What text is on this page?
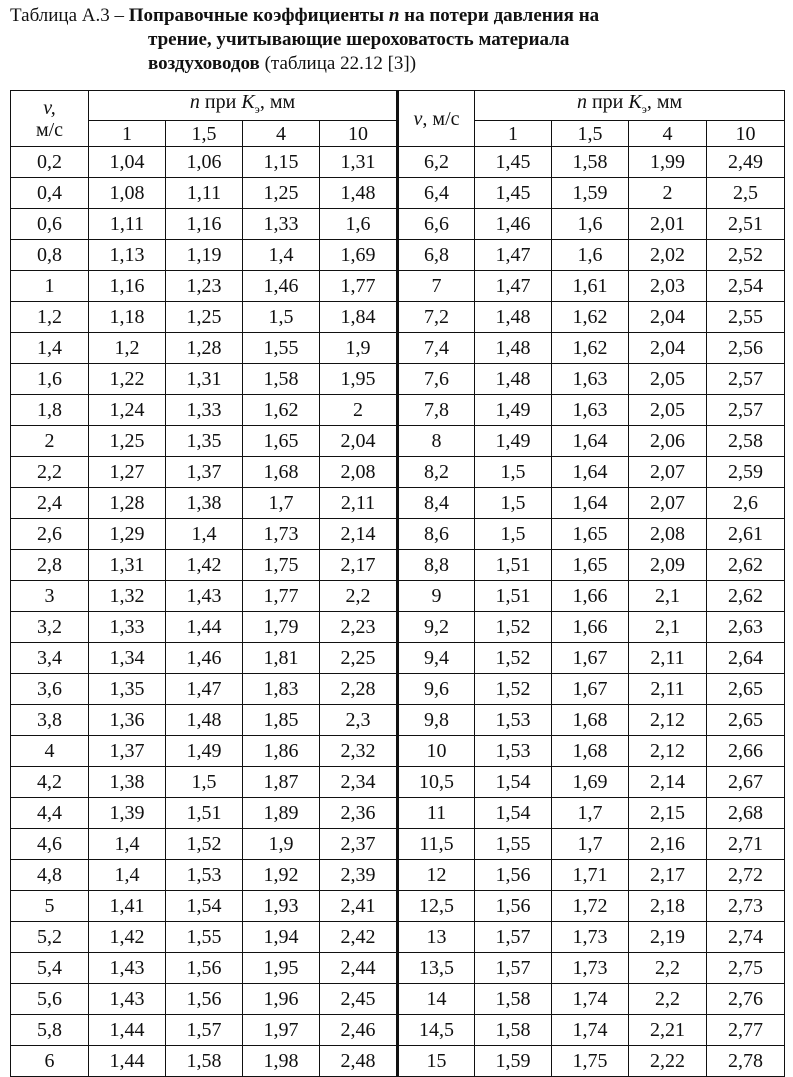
Таблица А.3 – Поправочные коэффициенты n на потери давления на
трение, учитывающие шероховатость материала
воздуховодов (таблица 22.12 [3])
v,
м/с	n при $K_э$, мм				v, м/с	n при $K_э$, мм			
	1	1,5	4	10		1	1,5	4	10
0,2	1,04	1,06	1,15	1,31	6,2	1,45	1,58	1,99	2,49
0,4	1,08	1,11	1,25	1,48	6,4	1,45	1,59	2	2,5
0,6	1,11	1,16	1,33	1,6	6,6	1,46	1,6	2,01	2,51
0,8	1,13	1,19	1,4	1,69	6,8	1,47	1,6	2,02	2,52
1	1,16	1,23	1,46	1,77	7	1,47	1,61	2,03	2,54
1,2	1,18	1,25	1,5	1,84	7,2	1,48	1,62	2,04	2,55
1,4	1,2	1,28	1,55	1,9	7,4	1,48	1,62	2,04	2,56
1,6	1,22	1,31	1,58	1,95	7,6	1,48	1,63	2,05	2,57
1,8	1,24	1,33	1,62	2	7,8	1,49	1,63	2,05	2,57
2	1,25	1,35	1,65	2,04	8	1,49	1,64	2,06	2,58
2,2	1,27	1,37	1,68	2,08	8,2	1,5	1,64	2,07	2,59
2,4	1,28	1,38	1,7	2,11	8,4	1,5	1,64	2,07	2,6
2,6	1,29	1,4	1,73	2,14	8,6	1,5	1,65	2,08	2,61
2,8	1,31	1,42	1,75	2,17	8,8	1,51	1,65	2,09	2,62
3	1,32	1,43	1,77	2,2	9	1,51	1,66	2,1	2,62
3,2	1,33	1,44	1,79	2,23	9,2	1,52	1,66	2,1	2,63
3,4	1,34	1,46	1,81	2,25	9,4	1,52	1,67	2,11	2,64
3,6	1,35	1,47	1,83	2,28	9,6	1,52	1,67	2,11	2,65
3,8	1,36	1,48	1,85	2,3	9,8	1,53	1,68	2,12	2,65
4	1,37	1,49	1,86	2,32	10	1,53	1,68	2,12	2,66
4,2	1,38	1,5	1,87	2,34	10,5	1,54	1,69	2,14	2,67
4,4	1,39	1,51	1,89	2,36	11	1,54	1,7	2,15	2,68
4,6	1,4	1,52	1,9	2,37	11,5	1,55	1,7	2,16	2,71
4,8	1,4	1,53	1,92	2,39	12	1,56	1,71	2,17	2,72
5	1,41	1,54	1,93	2,41	12,5	1,56	1,72	2,18	2,73
5,2	1,42	1,55	1,94	2,42	13	1,57	1,73	2,19	2,74
5,4	1,43	1,56	1,95	2,44	13,5	1,57	1,73	2,2	2,75
5,6	1,43	1,56	1,96	2,45	14	1,58	1,74	2,2	2,76
5,8	1,44	1,57	1,97	2,46	14,5	1,58	1,74	2,21	2,77
6	1,44	1,58	1,98	2,48	15	1,59	1,75	2,22	2,78
